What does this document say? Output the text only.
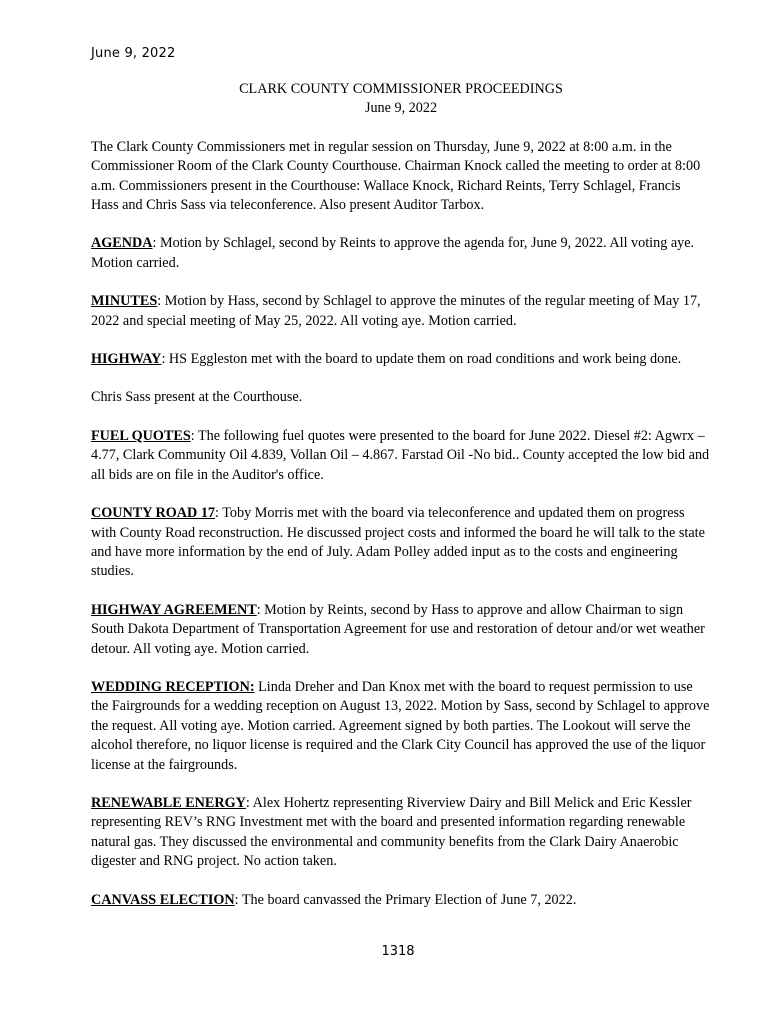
June 9, 2022
CLARK COUNTY COMMISSIONER PROCEEDINGS
June 9, 2022

The Clark County Commissioners met in regular session on Thursday, June 9, 2022 at 8:00 a.m. in the Commissioner Room of the Clark County Courthouse. Chairman Knock called the meeting to order at 8:00 a.m. Commissioners present in the Courthouse: Wallace Knock, Richard Reints, Terry Schlagel, Francis Hass and Chris Sass via teleconference. Also present Auditor Tarbox.

AGENDA: Motion by Schlagel, second by Reints to approve the agenda for, June 9, 2022. All voting aye. Motion carried.

MINUTES: Motion by Hass, second by Schlagel to approve the minutes of the regular meeting of May 17, 2022 and special meeting of May 25, 2022. All voting aye. Motion carried.

HIGHWAY: HS Eggleston met with the board to update them on road conditions and work being done.

Chris Sass present at the Courthouse.

FUEL QUOTES: The following fuel quotes were presented to the board for June 2022. Diesel #2: Agwrx – 4.77, Clark Community Oil 4.839, Vollan Oil – 4.867. Farstad Oil -No bid.. County accepted the low bid and all bids are on file in the Auditor's office.

COUNTY ROAD 17: Toby Morris met with the board via teleconference and updated them on progress with County Road reconstruction. He discussed project costs and informed the board he will talk to the state and have more information by the end of July. Adam Polley added input as to the costs and engineering studies.

HIGHWAY AGREEMENT: Motion by Reints, second by Hass to approve and allow Chairman to sign South Dakota Department of Transportation Agreement for use and restoration of detour and/or wet weather detour. All voting aye. Motion carried.

WEDDING RECEPTION: Linda Dreher and Dan Knox met with the board to request permission to use the Fairgrounds for a wedding reception on August 13, 2022. Motion by Sass, second by Schlagel to approve the request. All voting aye. Motion carried. Agreement signed by both parties. The Lookout will serve the alcohol therefore, no liquor license is required and the Clark City Council has approved the use of the liquor license at the fairgrounds.

RENEWABLE ENERGY: Alex Hohertz representing Riverview Dairy and Bill Melick and Eric Kessler representing REV’s RNG Investment met with the board and presented information regarding renewable natural gas. They discussed the environmental and community benefits from the Clark Dairy Anaerobic digester and RNG project. No action taken.

CANVASS ELECTION: The board canvassed the Primary Election of June 7, 2022.

1318
